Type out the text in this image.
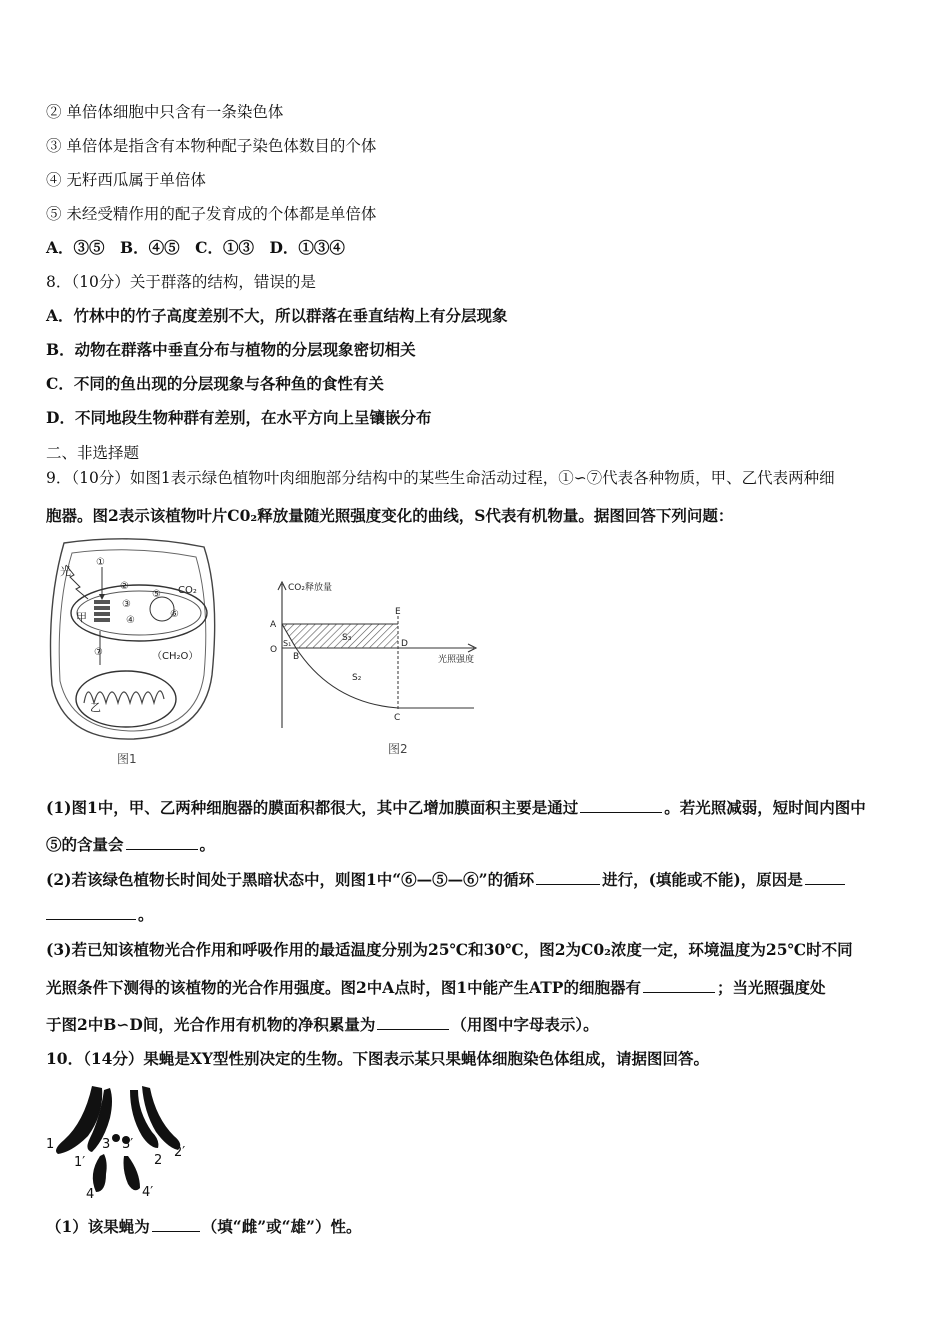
② 单倍体细胞中只含有一条染色体
③ 单倍体是指含有本物种配子染色体数目的个体
④ 无籽西瓜属于单倍体
⑤ 未经受精作用的配子发育成的个体都是单倍体
A．③⑤　B．④⑤　C．①③　D．①③④
8．（10分）关于群落的结构，错误的是
A．竹林中的竹子高度差别不大，所以群落在垂直结构上有分层现象
B．动物在群落中垂直分布与植物的分层现象密切相关
C．不同的鱼出现的分层现象与各种鱼的食性有关
D．不同地段生物种群有差别，在水平方向上呈镶嵌分布
二、非选择题
9．（10分）如图1表示绿色植物叶肉细胞部分结构中的某些生命活动过程，①∽⑦代表各种物质，甲、乙代表两种细
胞器。图2表示该植物叶片C0₂释放量随光照强度变化的曲线，S代表有机物量。据图回答下列问题：
光
甲
CO₂
（CH₂O）
①
②
③
④
⑤
⑥
⑦
乙
图1
CO₂释放量
光照强度
A
O
S₁
B
S₃
S₂
E
D
C
图2
(1)图1中，甲、乙两种细胞器的膜面积都很大，其中乙增加膜面积主要是通过	。若光照减弱，短时间内图中
⑤的含量会	。
(2)若该绿色植物长时间处于黑暗状态中，则图1中“⑥—⑤—⑥”的循环	进行，(填能或不能)，原因是
。
(3)若已知该植物光合作用和呼吸作用的最适温度分别为25℃和30℃，图2为C0₂浓度一定，环境温度为25℃时不同
光照条件下测得的该植物的光合作用强度。图2中A点时，图1中能产生ATP的细胞器有	；当光照强度处
于图2中B∽D间，光合作用有机物的净积累量为	（用图中字母表示）。
10．（14分）果蝇是XY型性别决定的生物。下图表示某只果蝇体细胞染色体组成，请据图回答。
1
1′
3 3′
2
2′
4	4′
（1）该果蝇为	（填“雌”或“雄”）性。
